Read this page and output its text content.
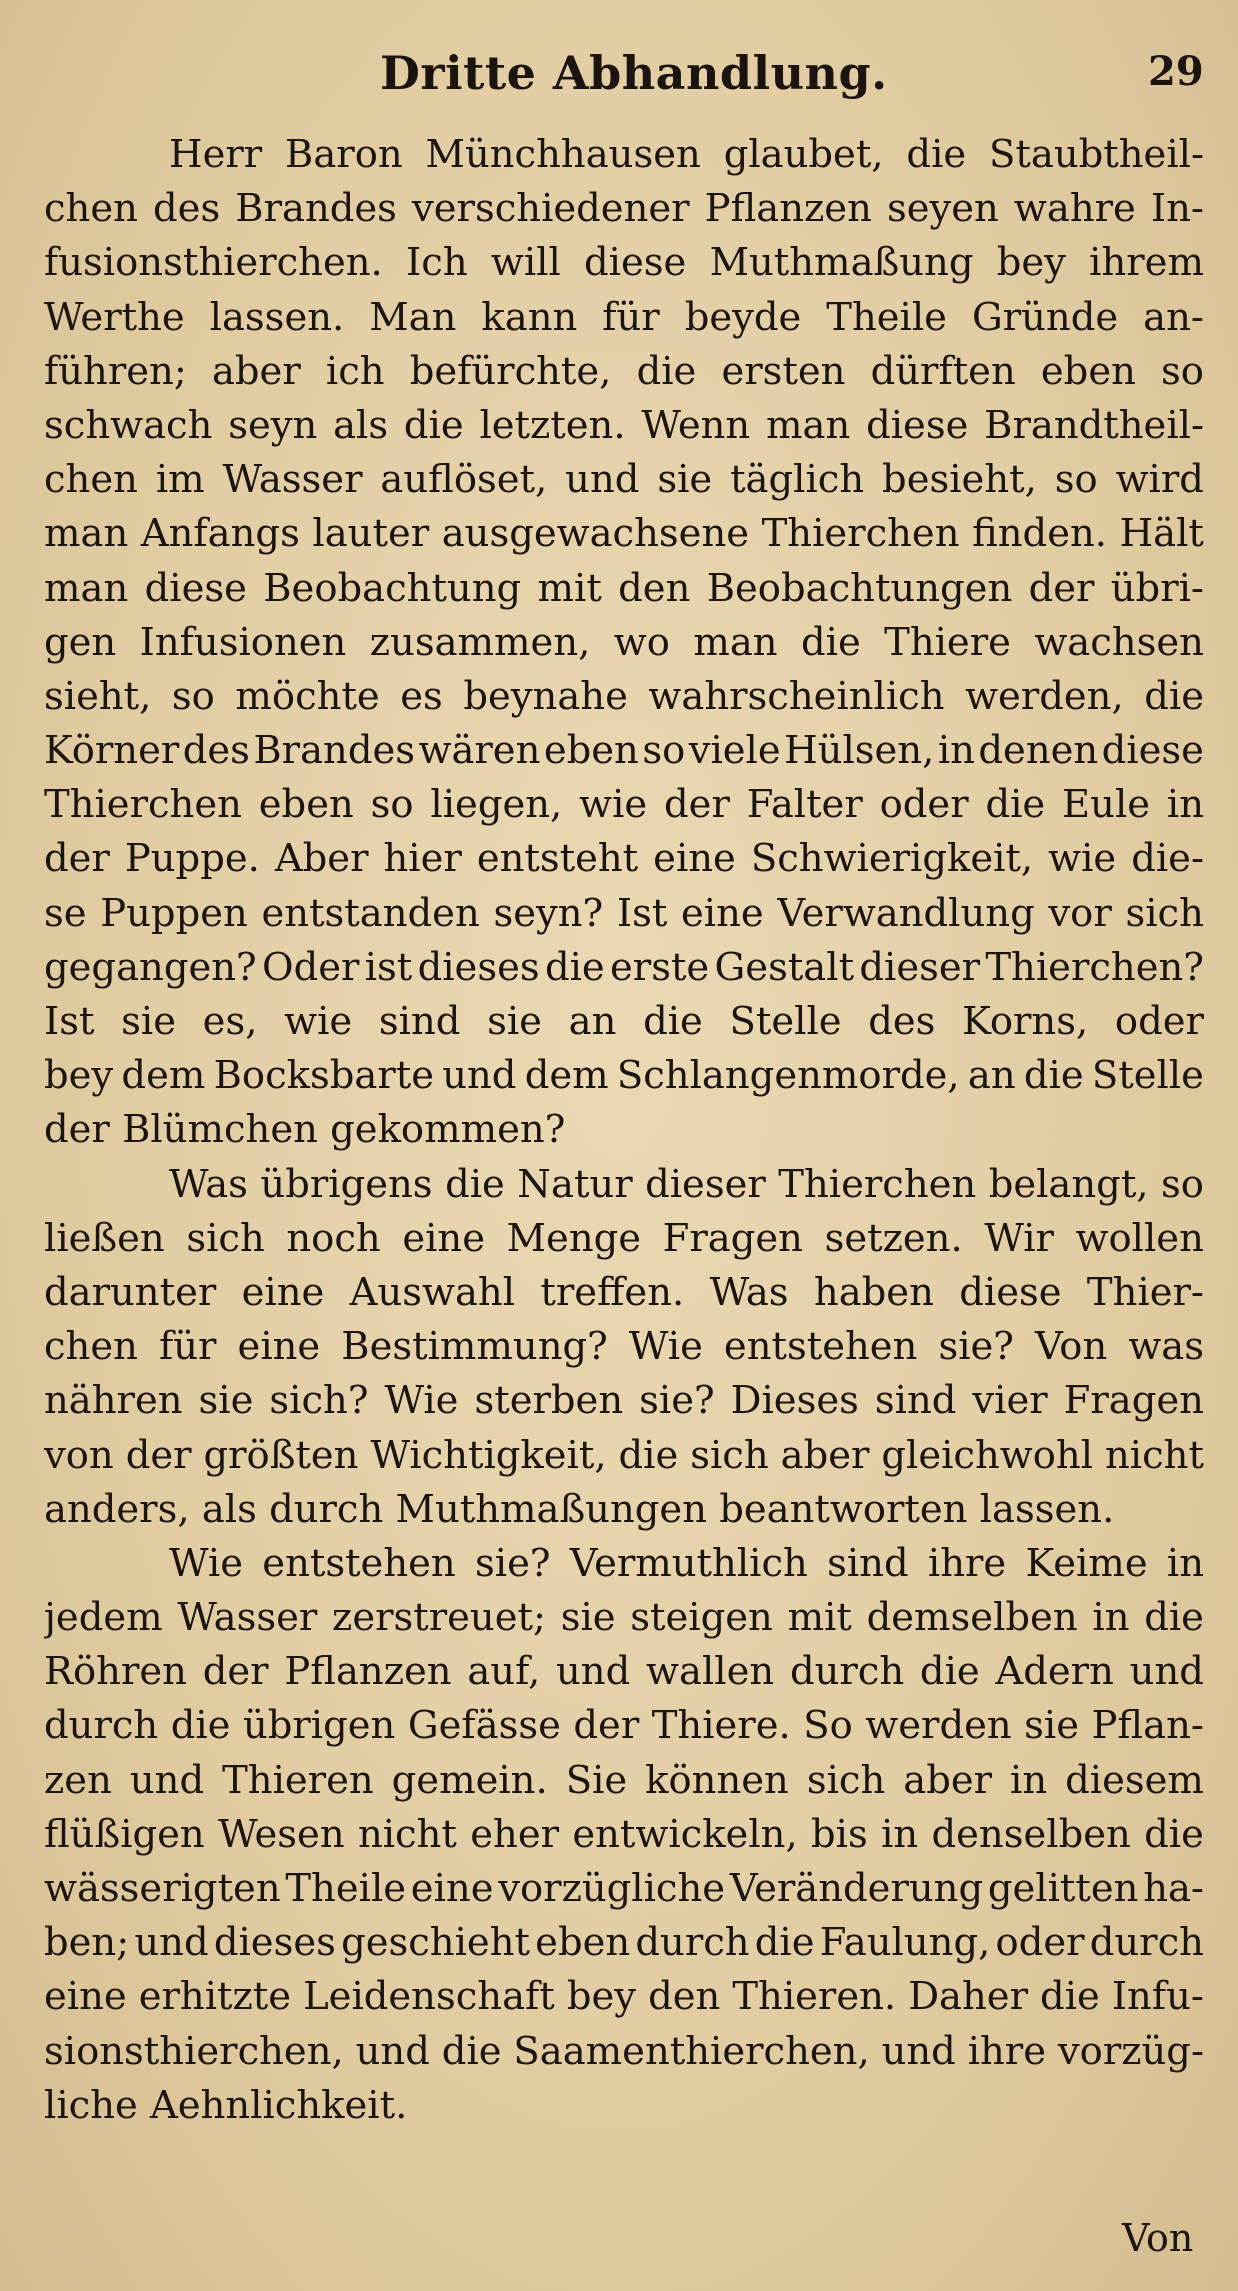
Dritte Abhandlung.	29
Herr Baron Münchhausen glaubet, die Staubtheil-
chen des Brandes verschiedener Pflanzen seyen wahre In-
fusionsthierchen. Ich will diese Muthmaßung bey ihrem
Werthe lassen. Man kann für beyde Theile Gründe an-
führen; aber ich befürchte, die ersten dürften eben so
schwach seyn als die letzten. Wenn man diese Brandtheil-
chen im Wasser auflöset, und sie täglich besieht, so wird
man Anfangs lauter ausgewachsene Thierchen finden. Hält
man diese Beobachtung mit den Beobachtungen der übri-
gen Infusionen zusammen, wo man die Thiere wachsen
sieht, so möchte es beynahe wahrscheinlich werden, die
Körner des Brandes wären eben so viele Hülsen, in denen diese
Thierchen eben so liegen, wie der Falter oder die Eule in
der Puppe. Aber hier entsteht eine Schwierigkeit, wie die-
se Puppen entstanden seyn? Ist eine Verwandlung vor sich
gegangen? Oder ist dieses die erste Gestalt dieser Thierchen?
Ist sie es, wie sind sie an die Stelle des Korns, oder
bey dem Bocksbarte und dem Schlangenmorde, an die Stelle
der Blümchen gekommen?
Was übrigens die Natur dieser Thierchen belangt, so
ließen sich noch eine Menge Fragen setzen. Wir wollen
darunter eine Auswahl treffen. Was haben diese Thier-
chen für eine Bestimmung? Wie entstehen sie? Von was
nähren sie sich? Wie sterben sie? Dieses sind vier Fragen
von der größten Wichtigkeit, die sich aber gleichwohl nicht
anders, als durch Muthmaßungen beantworten lassen.
Wie entstehen sie? Vermuthlich sind ihre Keime in
jedem Wasser zerstreuet; sie steigen mit demselben in die
Röhren der Pflanzen auf, und wallen durch die Adern und
durch die übrigen Gefässe der Thiere. So werden sie Pflan-
zen und Thieren gemein. Sie können sich aber in diesem
flüßigen Wesen nicht eher entwickeln, bis in denselben die
wässerigten Theile eine vorzügliche Veränderung gelitten ha-
ben; und dieses geschieht eben durch die Faulung, oder durch
eine erhitzte Leidenschaft bey den Thieren. Daher die Infu-
sionsthierchen, und die Saamenthierchen, und ihre vorzüg-
liche Aehnlichkeit.
Von
